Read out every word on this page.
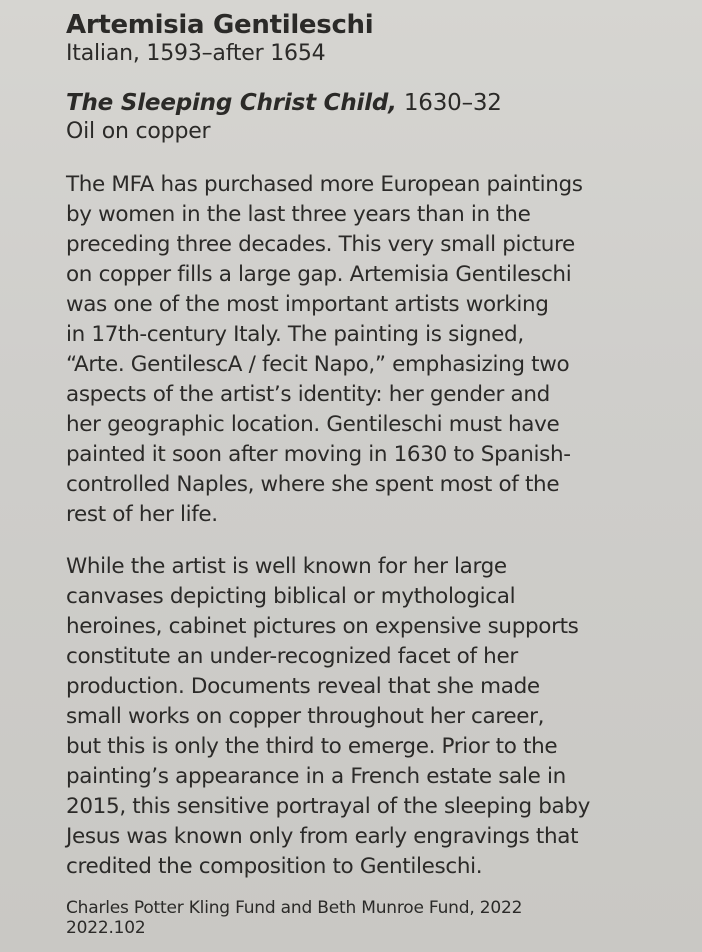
Artemisia Gentileschi

Italian, 1593–after 1654

The Sleeping Christ Child, 1630–32

Oil on copper

The MFA has purchased more European paintings
by women in the last three years than in the
preceding three decades. This very small picture
on copper fills a large gap. Artemisia Gentileschi
was one of the most important artists working
in 17th-century Italy. The painting is signed,
“Arte. GentilescA / fecit Napo,” emphasizing two
aspects of the artist’s identity: her gender and
her geographic location. Gentileschi must have
painted it soon after moving in 1630 to Spanish-
controlled Naples, where she spent most of the
rest of her life.
While the artist is well known for her large
canvases depicting biblical or mythological
heroines, cabinet pictures on expensive supports
constitute an under-recognized facet of her
production. Documents reveal that she made
small works on copper throughout her career,
but this is only the third to emerge. Prior to the
painting’s appearance in a French estate sale in
2015, this sensitive portrayal of the sleeping baby
Jesus was known only from early engravings that
credited the composition to Gentileschi.
Charles Potter Kling Fund and Beth Munroe Fund, 2022
2022.102
